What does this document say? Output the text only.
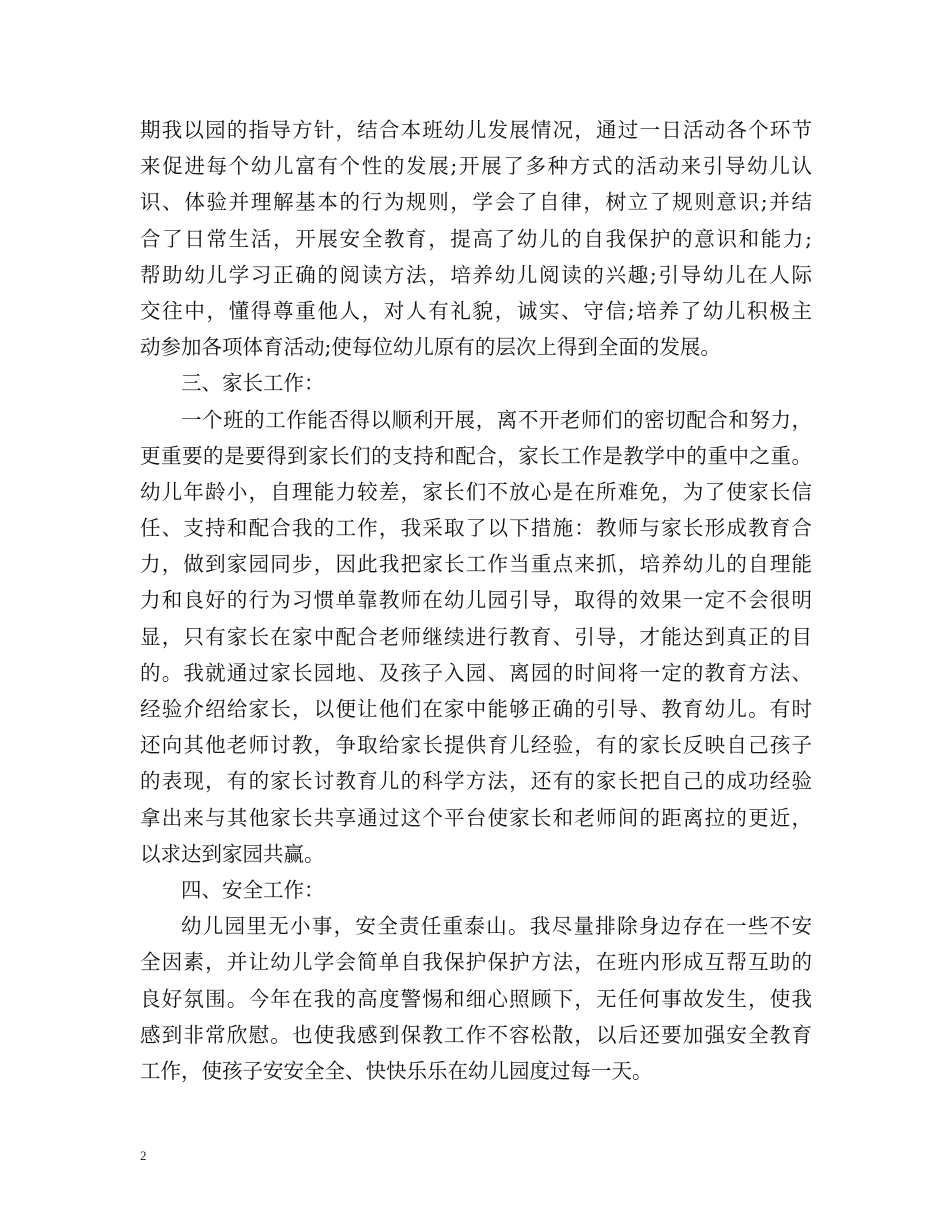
期我以园的指导方针，结合本班幼儿发展情况，通过一日活动各个环节
来促进每个幼儿富有个性的发展;开展了多种方式的活动来引导幼儿认
识、体验并理解基本的行为规则，学会了自律，树立了规则意识;并结
合了日常生活，开展安全教育，提高了幼儿的自我保护的意识和能力;
帮助幼儿学习正确的阅读方法，培养幼儿阅读的兴趣;引导幼儿在人际
交往中，懂得尊重他人，对人有礼貌，诚实、守信;培养了幼儿积极主
动参加各项体育活动;使每位幼儿原有的层次上得到全面的发展。
三、家长工作：
一个班的工作能否得以顺利开展，离不开老师们的密切配合和努力，
更重要的是要得到家长们的支持和配合，家长工作是教学中的重中之重。
幼儿年龄小，自理能力较差，家长们不放心是在所难免，为了使家长信
任、支持和配合我的工作，我采取了以下措施：教师与家长形成教育合
力，做到家园同步，因此我把家长工作当重点来抓，培养幼儿的自理能
力和良好的行为习惯单靠教师在幼儿园引导，取得的效果一定不会很明
显，只有家长在家中配合老师继续进行教育、引导，才能达到真正的目
的。我就通过家长园地、及孩子入园、离园的时间将一定的教育方法、
经验介绍给家长，以便让他们在家中能够正确的引导、教育幼儿。有时
还向其他老师讨教，争取给家长提供育儿经验，有的家长反映自己孩子
的表现，有的家长讨教育儿的科学方法，还有的家长把自己的成功经验
拿出来与其他家长共享通过这个平台使家长和老师间的距离拉的更近，
以求达到家园共赢。
四、安全工作：
幼儿园里无小事，安全责任重泰山。我尽量排除身边存在一些不安
全因素，并让幼儿学会简单自我保护保护方法，在班内形成互帮互助的
良好氛围。今年在我的高度警惕和细心照顾下，无任何事故发生，使我
感到非常欣慰。也使我感到保教工作不容松散，以后还要加强安全教育
工作，使孩子安安全全、快快乐乐在幼儿园度过每一天。
2
